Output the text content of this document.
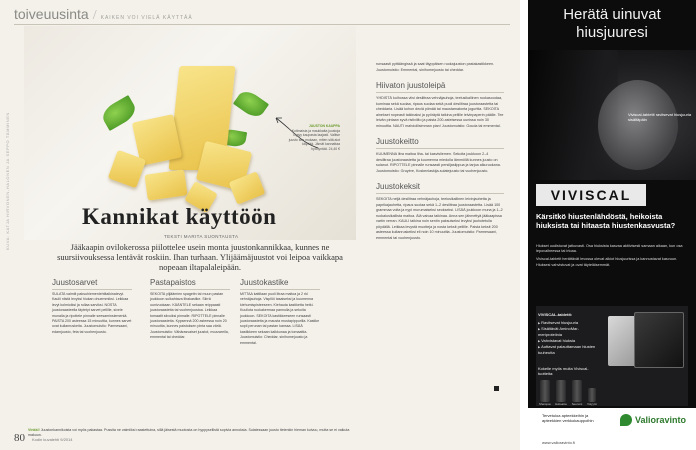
toiveuusinta / KAIKEN VOI VIELÄ KÄYTTÄÄ
KUVA: KATJA HIRVONEN-HALONEN JA SEPPO TÄMMINEN	JUUSTON KAUPPA
Kotimaisia ja maukkaita juustoja löytyy kaupasta laajasti. Valitse juusto sen mukaan, miten sitä aiot käyttää. Jämät kannattaa hyödyntää. 24,40 €
Kannikat käyttöön
TEKSTI MARITA SUONTAUSTA
Jääkaapin ovilokerossa piilottelee usein monta juustonkannikkaa, kunnes ne suursiivouksessa lentävät roskiin. Ihan turhaan. Ylijäämäjuustot voi leipoa vaikkapa nopeaan iltapalaleipään.
Juustosarvet

SULATA valmiit paksuhiemenlehtitaikinalevyt. Kaulii niistä levyksi hiukan ohuemmiksi. Leikkaa levyt kolmioiksi ja rullaa sarviksi. NOSTA juustoraasteella täytetyt sarvet pellille, sivele munalla ja ripottele pinnalle seesaminsiemeniä. PAISTA 200 asteessa 15 minuuttia, kunnes sarvet ovat kullanruskeita. Juustomuistio: Parmesaani, edamjuusto, feta tai vuohenjuusto.

Pastapaistos

SEKOITA ylijäämien spagetin tai muun pastan joukkoon sulkahtava lihakastike. Siirrä uunivuokaan. KÄÄNTELE sekaan reippaasti juustoraastetta tai vuohenjuustoa. Leikkaa tomaatit siivuiksi pinnalle. RIPOTTELE pinnalle juustoraastetta. Kypsennä 200 asteessa noin 20 minuuttia, kunnes paistoksen pinta saa väriä. Juustomuistio: Vähärasvaiset juustot, mozzarella, emmental tai cheddar.

Juustokastike

MITTAA kattilaan puoli litraa maitoa ja 2 rkl vehnäjauhoja. Vispilöi tasaiseksi ja kuumenna kiehumispisteeseen. Kiehauta kastiketta hetki. Kuullota ruokakermaa pannulla ja sekoita joukkoon. SEKOITA kastikkeeseen runsaasti juustoraastetta ja mausta mustapippurilla. Kastike sopii perunan tai pastan kanssa. LISÄÄ kastikkeen sekaan kalkkunaa ja tomaattia. Juustomuistio: Cheddar, sinihomejuusto ja emmental.

runsaasti pyttäängissä ja saat täyppäisen ruokajuuston pastakastikkeen. Juustomuistio: Emmental, sinihomejuusto tai cheddar.

Hiivaton juustoleipä

YHDISTÄ kulhossa viisi desilitraa vehnäjauhoja, teelusikallinen ruokasoodaa, kuminaa sekä suolaa, ripaus suolaa sekä puoli desilitraa juustoraastetta tai cheddaria. Lisää kohon deciä piimää tai maustamatonta jogurttia. SEKOITA ainekset nopeasti taikinaksi ja pyöräytä taikina pellille leivinpaperin päälle. Tee leivän pintaan syvä ristiviilto ja paista 200-asteisessa uunissa noin 30 minuuttia. NAUTI mahdollisimman pian! Juustomuistio: Gouda tai emmental.

Juustokeitto

KUUMENNA litra maitoa liha- tai kasvisliemen. Sekoita joukkoon 2–4 desilitraa juustoraastetta ja kuumenna miedolla lämmöllä kunnes juusto on sulanut. RIPOTTELE pinnalle runsaasti persiljasilppua ja tarjoa alkuruokana. Juustomuistio: Gruyère, Koskenlaskija-sulatejuusto tai vuohenjuusto.

Juustokeksit

SEKOITA neljä desilitraa vehnäjauhoja, teelusikallinen leivinjauhetta ja paprikajauhetta, ripaus suolaa sekä 1–2 desilitraa juustoraastetta. Lisää 100 grammaa voita ja nypi murumaiseksi seokseksi. LISÄÄ joukkoon muna ja 1–2 ruokalusikallista maitoa. Älä vaivaa taikinaa. Anna sen jähmettyä jääkaapissa vartin verran. KAULI taikina noin sentin paksuiseksi levyksi jauhotetulla pöydällä. Leikkaa levystä muotteja ja nosta keksit pellille. Paista keksit 200 asteessa kullanruskeiksi eli noin 10 minuuttia. Juustomuistio: Parmesaani, emmental tai vuohenjuusto.

Vinkki! Juustonkannikoista voi myös pakastaa. Pussita ne valmiiksi raastettuina, sillä jäisestä muotosta on hyppysellistä sopivia annoksia. Sulatessaan juusto tietenkin hieman kuivuu, mutta se ei vaikuta makuun.
80 Kodin kuvalehti 9/2014
Herätä uinuvat hiusjuuresi
Viviscal-tabletit ravitsevat hiusjuuria sisältäpäin
VIVISCAL
Kärsitkö hiustenlähdöstä, heikoista hiuksista tai hitaasta hiustenkasvusta?

Hiukset uudistuvat jatkuvasti. Osa hiuksista kasvaa aktiivisesti samaan aikaan, kun osa lepovaiheessa tai irtoaa.

Viviscal-tabletit herättävät levossa olevat alkiot hiusjuurissa ja kannustavat kasvuun. Hiuksesi vahvistuvat ja ovat täyteläisemmät.

VIVISCAL-tabletit:
▶ Ravitsevat hiusjuuria
▶ Sisältävät AminoMar-meriproteiinia
▶ Vahvistavat hiuksia
▶ Auttavat palauttamaan hiusten tuuheutta
Kokeile myös muita Viviscal-tuotteita:
Shampoo	Hoitoaine	Seerumi	Volyymi
Tervetuloa apteekkeihin ja apteekkien verkkokauppoihin
www.valioravinto.fi
Valioravinto
